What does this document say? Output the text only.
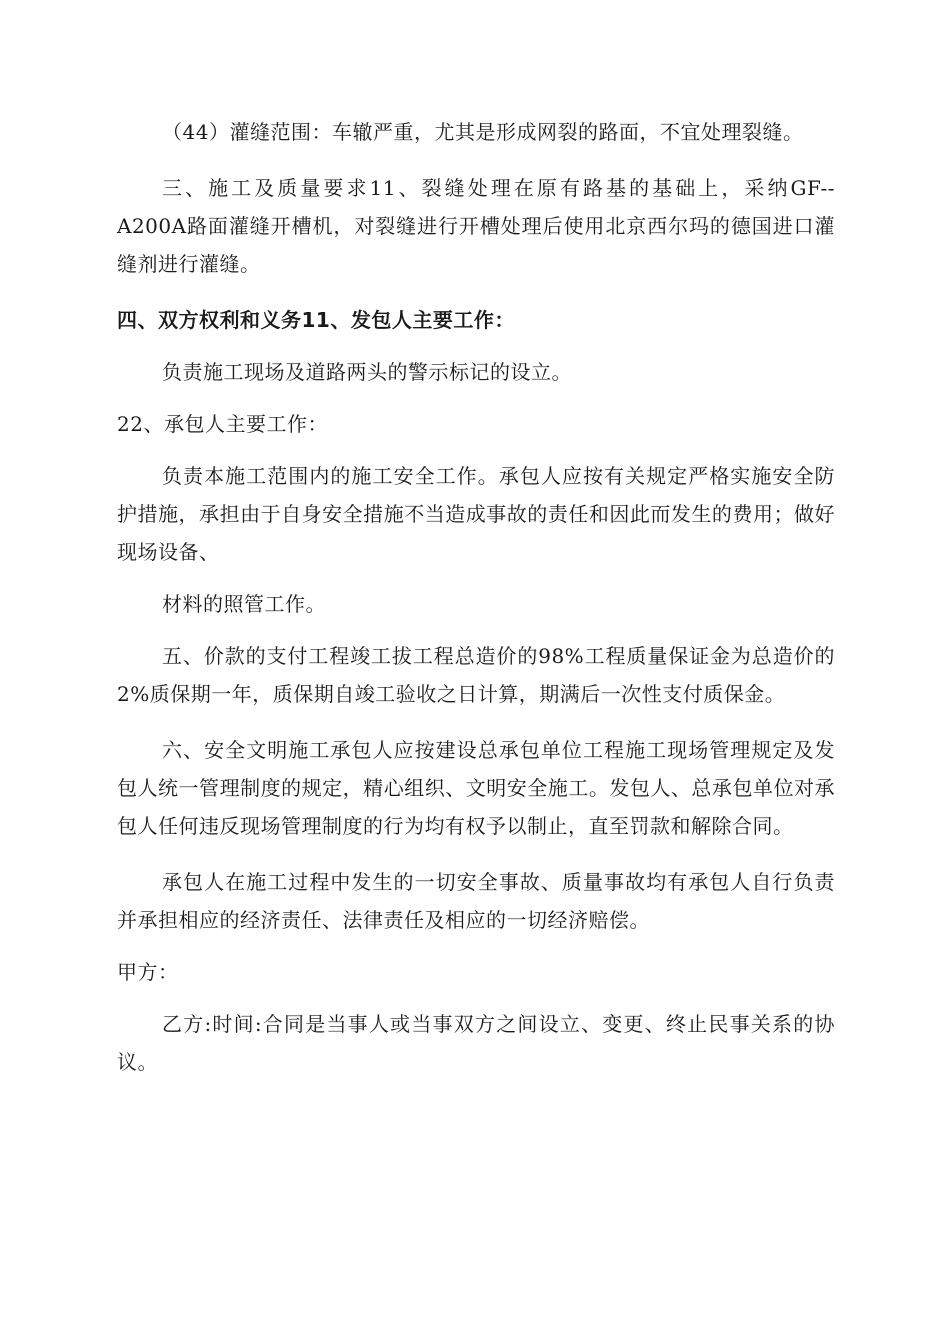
（44）灌缝范围：车辙严重，尤其是形成网裂的路面，不宜处理裂缝。

三、施工及质量要求11、裂缝处理在原有路基的基础上，采纳GF--A200A路面灌缝开槽机，对裂缝进行开槽处理后使用北京西尔玛的德国进口灌缝剂进行灌缝。

四、双方权利和义务11、发包人主要工作：

负责施工现场及道路两头的警示标记的设立。

22、承包人主要工作：

负责本施工范围内的施工安全工作。承包人应按有关规定严格实施安全防护措施，承担由于自身安全措施不当造成事故的责任和因此而发生的费用；做好现场设备、

材料的照管工作。

五、价款的支付工程竣工拔工程总造价的98%工程质量保证金为总造价的2%质保期一年，质保期自竣工验收之日计算，期满后一次性支付质保金。

六、安全文明施工承包人应按建设总承包单位工程施工现场管理规定及发包人统一管理制度的规定，精心组织、文明安全施工。发包人、总承包单位对承包人任何违反现场管理制度的行为均有权予以制止，直至罚款和解除合同。

承包人在施工过程中发生的一切安全事故、质量事故均有承包人自行负责并承担相应的经济责任、法律责任及相应的一切经济赔偿。

甲方：

乙方:时间:合同是当事人或当事双方之间设立、变更、终止民事关系的协议。
